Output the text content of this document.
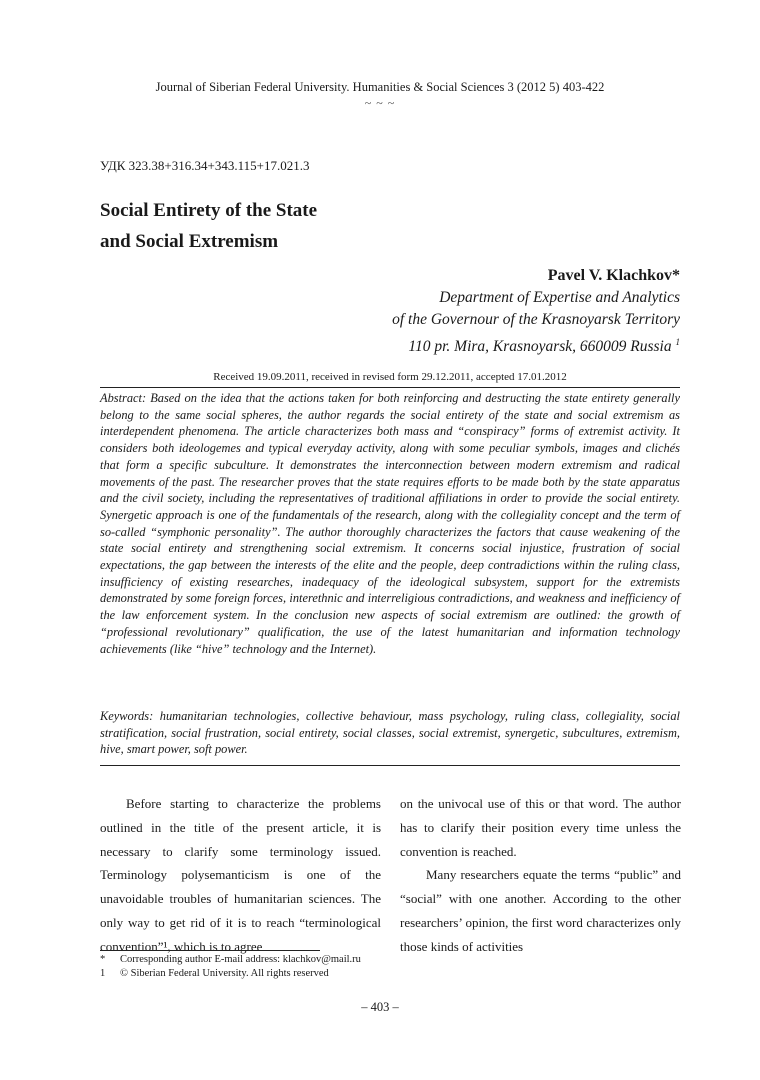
Journal of Siberian Federal University. Humanities & Social Sciences 3 (2012 5) 403-422
~ ~ ~
УДК 323.38+316.34+343.115+17.021.3
Social Entirety of the State
and Social Extremism
Pavel V. Klachkov*
Department of Expertise and Analytics
of the Governour of the Krasnoyarsk Territory
110 pr. Mira, Krasnoyarsk, 660009 Russia $^1$
Received 19.09.2011, received in revised form 29.12.2011, accepted 17.01.2012

Abstract: Based on the idea that the actions taken for both reinforcing and destructing the state entirety generally belong to the same social spheres, the author regards the social entirety of the state and social extremism as interdependent phenomena. The article characterizes both mass and “conspiracy” forms of extremist activity. It considers both ideologemes and typical everyday activity, along with some peculiar symbols, images and clichés that form a specific subculture. It demonstrates the interconnection between modern extremism and radical movements of the past. The researcher proves that the state requires efforts to be made both by the state apparatus and the civil society, including the representatives of traditional affiliations in order to provide the social entirety. Synergetic approach is one of the fundamentals of the research, along with the collegiality concept and the term of so-called “symphonic personality”. The author thoroughly characterizes the factors that cause weakening of the state social entirety and strengthening social extremism. It concerns social injustice, frustration of social expectations, the gap between the interests of the elite and the people, deep contradictions within the ruling class, insufficiency of existing researches, inadequacy of the ideological subsystem, support for the extremists demonstrated by some foreign forces, interethnic and interreligious contradictions, and weakness and inefficiency of the law enforcement system. In the conclusion new aspects of social extremism are outlined: the growth of “professional revolutionary” qualification, the use of the latest humanitarian and information technology achievements (like “hive” technology and the Internet).

Keywords: humanitarian technologies, collective behaviour, mass psychology, ruling class, collegiality, social stratification, social frustration, social entirety, social classes, social extremist, synergetic, subcultures, extremism, hive, smart power, soft power.

Before starting to characterize the problems outlined in the title of the present article, it is necessary to clarify some terminology issued. Terminology polysemanticism is one of the unavoidable troubles of humanitarian sciences. The only way to get rid of it is to reach “terminological convention”¹, which is to agree

on the univocal use of this or that word. The author has to clarify their position every time unless the convention is reached.

Many researchers equate the terms “public” and “social” with one another. According to the other researchers’ opinion, the first word characterizes only those kinds of activities

* Corresponding author E-mail address: klachkov@mail.ru
1 © Siberian Federal University. All rights reserved
– 403 –
